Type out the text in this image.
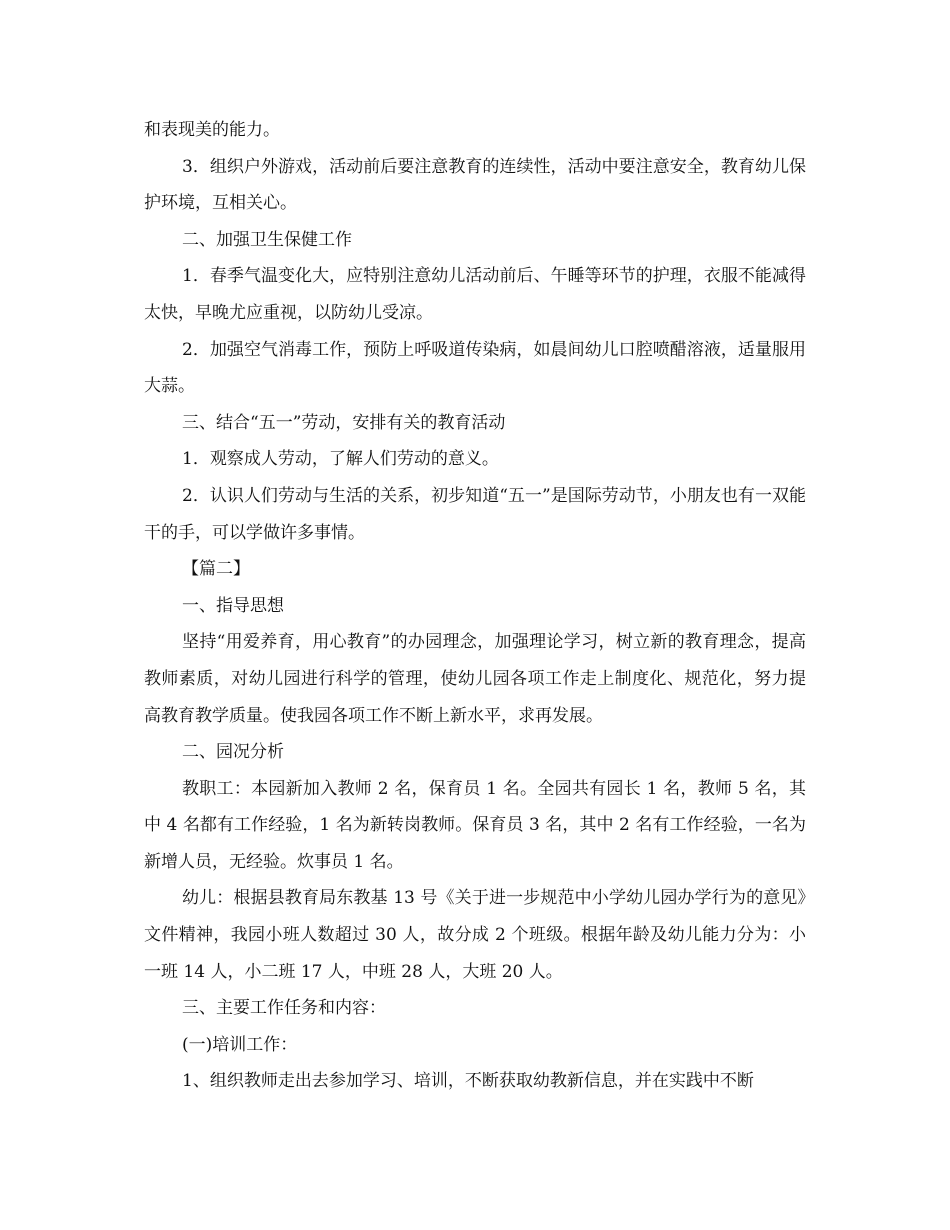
和表现美的能力。

3．组织户外游戏，活动前后要注意教育的连续性，活动中要注意安全，教育幼儿保护环境，互相关心。

二、加强卫生保健工作

1．春季气温变化大，应特别注意幼儿活动前后、午睡等环节的护理，衣服不能减得太快，早晚尤应重视，以防幼儿受凉。

2．加强空气消毒工作，预防上呼吸道传染病，如晨间幼儿口腔喷醋溶液，适量服用大蒜。

三、结合“五一”劳动，安排有关的教育活动

1．观察成人劳动，了解人们劳动的意义。

2．认识人们劳动与生活的关系，初步知道“五一”是国际劳动节，小朋友也有一双能干的手，可以学做许多事情。

【篇二】

一、指导思想

坚持“用爱养育，用心教育”的办园理念，加强理论学习，树立新的教育理念，提高教师素质，对幼儿园进行科学的管理，使幼儿园各项工作走上制度化、规范化，努力提高教育教学质量。使我园各项工作不断上新水平，求再发展。

二、园况分析

教职工：本园新加入教师 2 名，保育员 1 名。全园共有园长 1 名，教师 5 名，其中 4 名都有工作经验，1 名为新转岗教师。保育员 3 名，其中 2 名有工作经验，一名为新增人员，无经验。炊事员 1 名。

幼儿：根据县教育局东教基 13 号《关于进一步规范中小学幼儿园办学行为的意见》文件精神，我园小班人数超过 30 人，故分成 2 个班级。根据年龄及幼儿能力分为：小一班 14 人，小二班 17 人，中班 28 人，大班 20 人。

三、主要工作任务和内容：

(一)培训工作：

1、组织教师走出去参加学习、培训，不断获取幼教新信息，并在实践中不断
